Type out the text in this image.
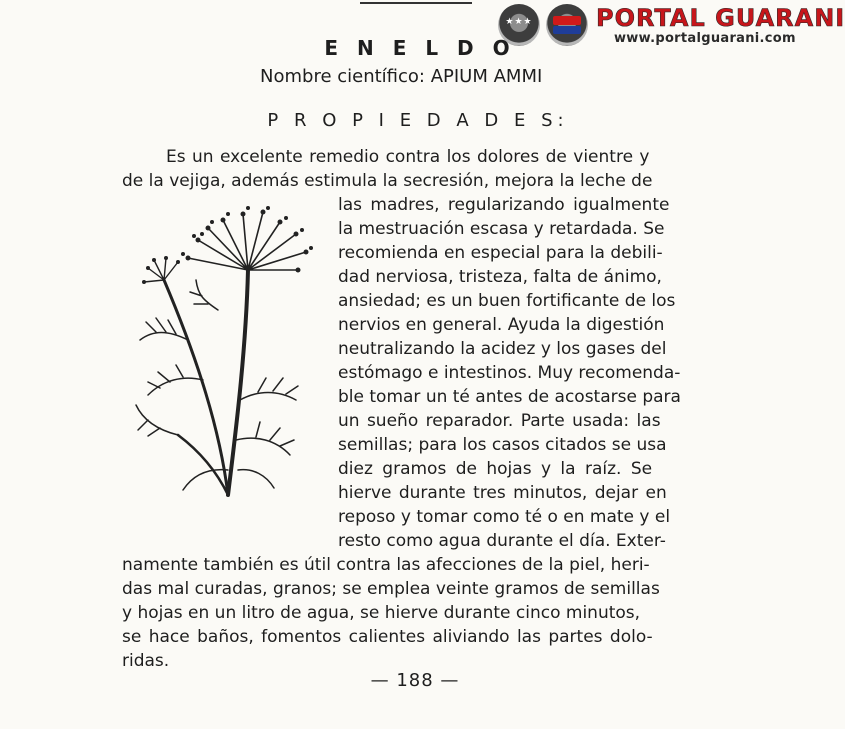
★★★	PORTAL GUARANI
www.portalguarani.com
E N E L D O
Nombre científico: APIUM AMMI
P R O P I E D A D E S:
Es un excelente remedio contra los dolores de vientre y
de la vejiga, además estimula la secresión, mejora la leche de
las madres, regularizando igualmente
la mestruación escasa y retardada. Se
recomienda en especial para la debili-
dad nerviosa, tristeza, falta de ánimo,
ansiedad; es un buen fortificante de los
nervios en general. Ayuda la digestión
neutralizando la acidez y los gases del
estómago e intestinos. Muy recomenda-
ble tomar un té antes de acostarse para
un sueño reparador. Parte usada: las
semillas; para los casos citados se usa
diez gramos de hojas y la raíz. Se
hierve durante tres minutos, dejar en
reposo y tomar como té o en mate y el
resto como agua durante el día. Exter-
namente también es útil contra las afecciones de la piel, heri-
das mal curadas, granos; se emplea veinte gramos de semillas
y hojas en un litro de agua, se hierve durante cinco minutos,
se hace baños, fomentos calientes aliviando las partes dolo-
ridas.
— 188 —
